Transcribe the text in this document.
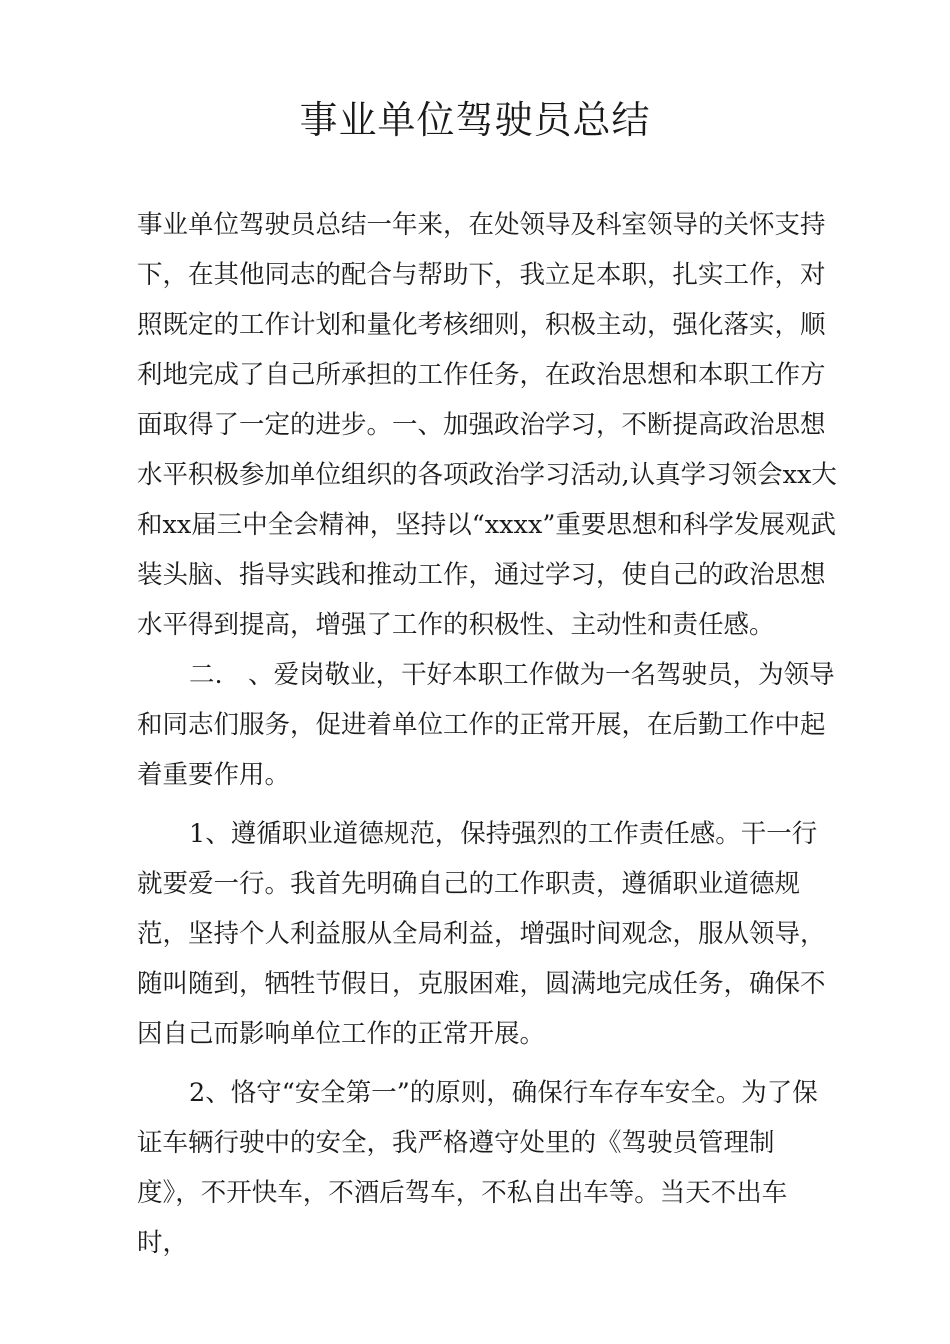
事业单位驾驶员总结

事业单位驾驶员总结一年来，在处领导及科室领导的关怀支持下，在其他同志的配合与帮助下，我立足本职，扎实工作，对照既定的工作计划和量化考核细则，积极主动，强化落实，顺利地完成了自己所承担的工作任务，在政治思想和本职工作方面取得了一定的进步。一、加强政治学习，不断提高政治思想水平积极参加单位组织的各项政治学习活动,认真学习领会xx大和xx届三中全会精神，坚持以“xxxx”重要思想和科学发展观武装头脑、指导实践和推动工作，通过学习，使自己的政治思想水平得到提高，增强了工作的积极性、主动性和责任感。

二.　、爱岗敬业，干好本职工作做为一名驾驶员，为领导和同志们服务，促进着单位工作的正常开展，在后勤工作中起着重要作用。

1、遵循职业道德规范，保持强烈的工作责任感。干一行就要爱一行。我首先明确自己的工作职责，遵循职业道德规范，坚持个人利益服从全局利益，增强时间观念，服从领导，随叫随到，牺牲节假日，克服困难，圆满地完成任务，确保不因自己而影响单位工作的正常开展。

2、恪守“安全第一”的原则，确保行车存车安全。为了保证车辆行驶中的安全，我严格遵守处里的《驾驶员管理制度》，不开快车，不酒后驾车，不私自出车等。当天不出车时，
